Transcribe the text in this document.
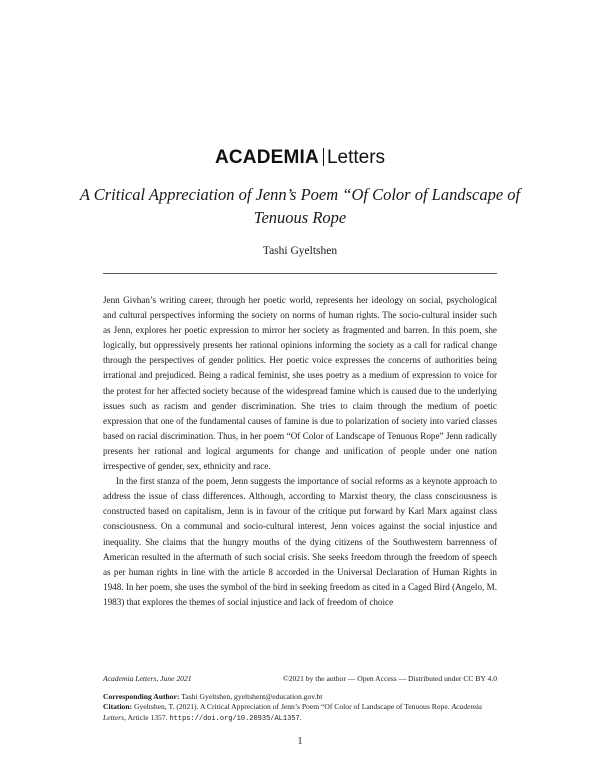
ACADEMIA Letters
A Critical Appreciation of Jenn’s Poem “Of Color of Landscape of Tenuous Rope
Tashi Gyeltshen

Jenn Givhan’s writing career, through her poetic world, represents her ideology on social, psychological and cultural perspectives informing the society on norms of human rights. The socio-cultural insider such as Jenn, explores her poetic expression to mirror her society as fragmented and barren. In this poem, she logically, but oppressively presents her rational opinions informing the society as a call for radical change through the perspectives of gender politics. Her poetic voice expresses the concerns of authorities being irrational and prejudiced. Being a radical feminist, she uses poetry as a medium of expression to voice for the protest for her affected society because of the widespread famine which is caused due to the underlying issues such as racism and gender discrimination. She tries to claim through the medium of poetic expression that one of the fundamental causes of famine is due to polarization of society into varied classes based on racial discrimination. Thus, in her poem “Of Color of Landscape of Tenuous Rope” Jenn radically presents her rational and logical arguments for change and unification of people under one nation irrespective of gender, sex, ethnicity and race.

In the first stanza of the poem, Jenn suggests the importance of social reforms as a keynote approach to address the issue of class differences. Although, according to Marxist theory, the class consciousness is constructed based on capitalism, Jenn is in favour of the critique put forward by Karl Marx against class consciousness. On a communal and socio-cultural interest, Jenn voices against the social injustice and inequality. She claims that the hungry mouths of the dying citizens of the Southwestern barrenness of American resulted in the aftermath of such social crisis. She seeks freedom through the freedom of speech as per human rights in line with the article 8 accorded in the Universal Declaration of Human Rights in 1948. In her poem, she uses the symbol of the bird in seeking freedom as cited in a Caged Bird (Angelo, M. 1983) that explores the themes of social injustice and lack of freedom of choice

Academia Letters, June 2021	©2021 by the author — Open Access — Distributed under CC BY 4.0
Corresponding Author: Tashi Gyeltshen, gyeltshent@education.gov.bt
Citation: Gyeltshen, T. (2021). A Critical Appreciation of Jenn’s Poem “Of Color of Landscape of Tenuous Rope. Academia Letters, Article 1357. https://doi.org/10.20935/AL1357.
1
